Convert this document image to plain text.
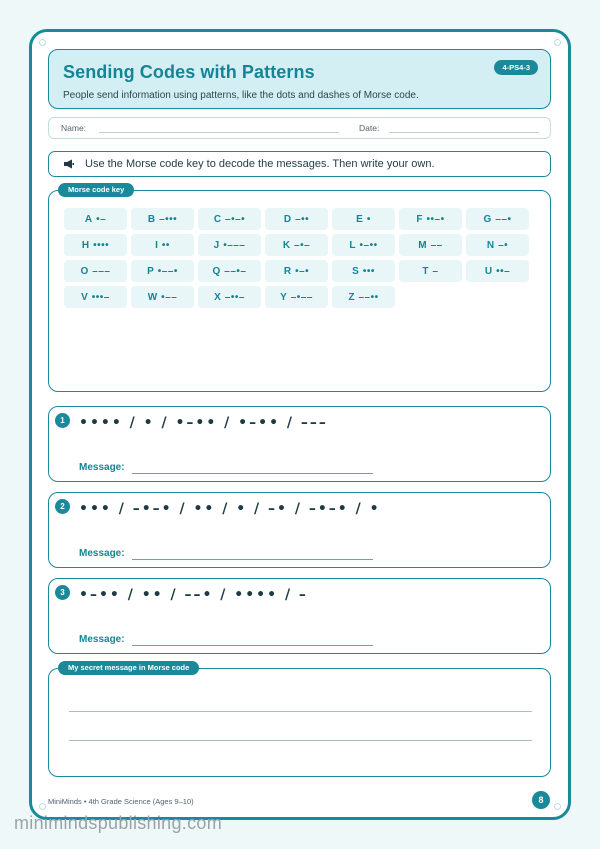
Sending Codes with Patterns
People send information using patterns, like the dots and dashes of Morse code.
4-PS4-3
Name:	Date:
Use the Morse code key to decode the messages. Then write your own.
Morse code key
A •–	B –•••	C –•–•	D –••	E •	F ••–•	G ––•
H ••••	I ••	J •–––	K –•–	L •–••	M ––	N –•
O –––	P •––•	Q ––•–	R •–•	S •••	T –	U ••–
V •••–	W •––	X –••–	Y –•––	Z ––••
1	•••• / • / •–•• / •–•• / –––
Message:
2	••• / –•–• / •• / • / –• / –•–• / •
Message:
3	•–•• / •• / ––• / •••• / –
Message:
My secret message in Morse code
MiniMinds • 4th Grade Science (Ages 9–10)	8
minimindspublishing.com
